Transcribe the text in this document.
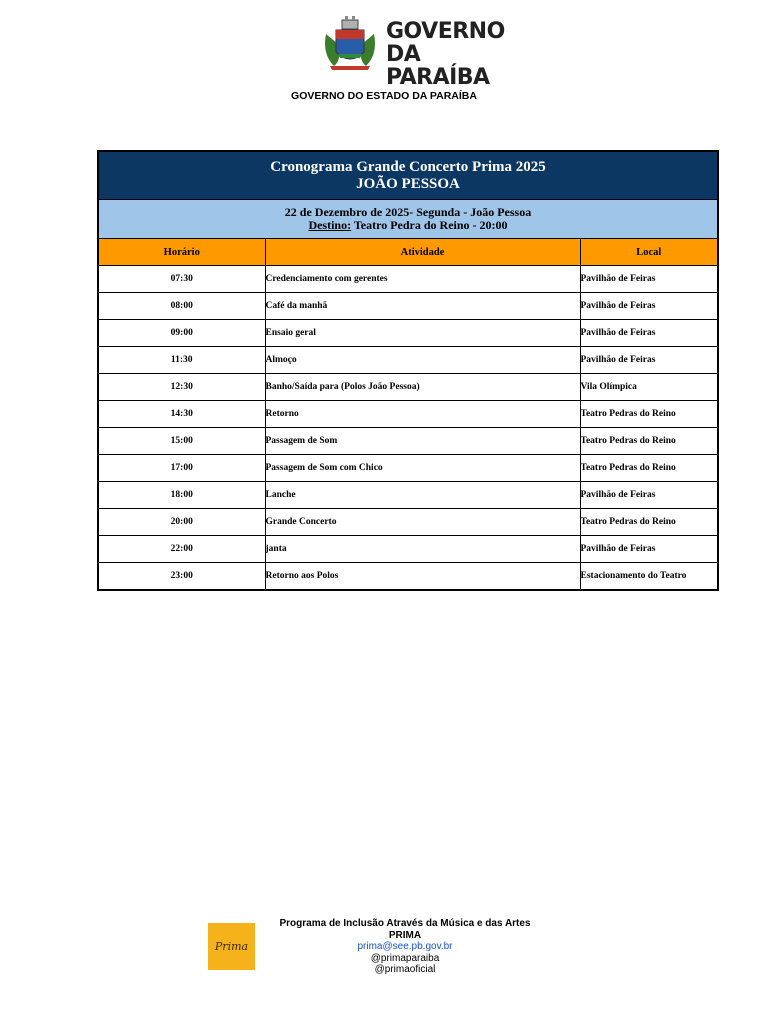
GOVERNO
DA PARAÍBA
GOVERNO DO ESTADO DA PARAÍBA
Cronograma Grande Concerto Prima 2025
JOÃO PESSOA		

22 de Dezembro de 2025- Segunda - João Pessoa
Destino: Teatro Pedra do Reino - 20:00		

Horário	Atividade	Local
07:30	Credenciamento com gerentes	Pavilhão de Feiras
08:00	Café da manhã	Pavilhão de Feiras
09:00	Ensaio geral	Pavilhão de Feiras
11:30	Almoço	Pavilhão de Feiras
12:30	Banho/Saída para (Polos João Pessoa)	Vila Olímpica
14:30	Retorno	Teatro Pedras do Reino
15:00	Passagem de Som	Teatro Pedras do Reino
17:00	Passagem de Som com Chico	Teatro Pedras do Reino
18:00	Lanche	Pavilhão de Feiras
20:00	Grande Concerto	Teatro Pedras do Reino
22:00	janta	Pavilhão de Feiras
23:00	Retorno aos Polos	Estacionamento do Teatro
Prima
Programa de Inclusão Através da Música e das Artes
PRIMA
prima@see.pb.gov.br
@primaparaiba
@primaoficial
